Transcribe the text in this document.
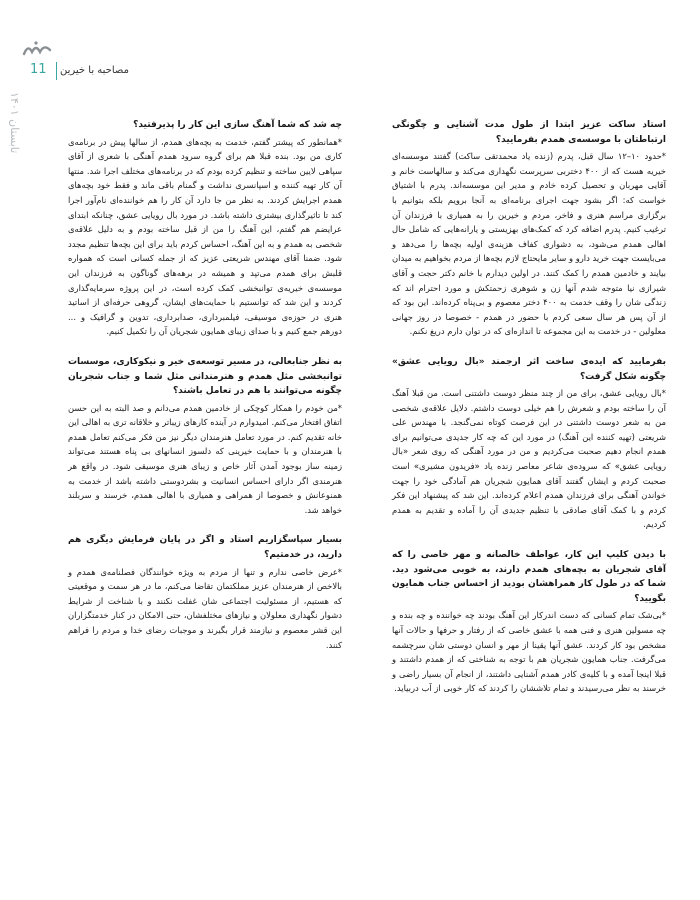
11 مصاحبه با خیرین
تابستان ۱۴۰۱	استاد ساکت عزیز ابتدا از طول مدت آشنایی و چگونگی ارتباطتان با موسسه‌ی همدم بفرمایید؟

*حدود ۱۰–۱۲ سال قبل، پدرم (زنده یاد محمدتقی ساکت) گفتند موسسه‌ای خیریه هست که از ۴۰۰ دختربی سرپرست نگهداری می‌کند و سالهاست خانم و آقایی مهربان و تحصیل کرده خادم و مدیر این موسسه‌اند. پدرم با اشتیاق خواست که: اگر بشود جهت اجرای برنامه‌ای به آنجا برویم بلکه بتوانیم با برگزاری مراسم هنری و فاخر، مردم و خیرین را به همیاری با فرزندان آن ترغیب کنیم. پدرم اضافه کرد که کمک‌های بهزیستی و یارانه‌هایی که شامل حال اهالی همدم می‌شود، به دشواری کفاف هزینه‌ی اولیه بچه‌ها را می‌دهد و می‌بایست جهت خرید دارو و سایر مایحتاج لازم بچه‌ها از مردم بخواهیم به میدان بیایند و خادمین همدم را کمک کنند. در اولین دیدارم با خانم دکتر حجت و آقای شیرازی نیا متوجه شدم آنها زن و شوهری زحمتکش و مورد احترام اند که زندگی شان را وقف خدمت به ۴۰۰ دختر معصوم و بی‌پناه کرده‌اند. این بود که از آن پس هر سال سعی کردم با حضور در همدم - خصوصا در روز جهانی معلولین - در خدمت به این مجموعه تا اندازه‌ای که در توان دارم دریغ نکنم.

بفرمایید که ایده‌ی ساخت اثر ارجمند «بال رویایی عشق» چگونه شکل گرفت؟

*بال رویایی عشق، برای من از چند منظر دوست داشتنی است. من قبلا آهنگ آن را ساخته بودم و شعرش را هم خیلی دوست داشتم. دلایل علاقه‌ی شخصی من به شعر دوست داشتنی در این فرصت کوتاه نمی‌گنجد. با مهندس علی شریعتی (تهیه کننده این آهنگ) در مورد این که چه کار جدیدی می‌توانیم برای همدم انجام دهیم صحبت می‌کردیم و من در مورد آهنگی که روی شعر «بال رویایی عشق» که سروده‌ی شاعر معاصر زنده یاد «فریدون مشیری» است صحبت کردم و ایشان گفتند آقای همایون شجریان هم آمادگی خود را جهت خواندن آهنگی برای فرزندان همدم اعلام کرده‌اند. این شد که پیشنهاد این فکر کردم و با کمک آقای صادقی با تنظیم جدیدی آن را آماده و تقدیم به همدم کردیم.

با دیدن کلیپ این کار، عواطف خالصانه و مهر خاصی را که آقای شجریان به بچه‌های همدم دارند، به خوبی می‌شود دید. شما که در طول کار همراهشان بودید از احساس جناب همایون بگویید؟

*بی‌شک تمام کسانی که دست اندرکار این آهنگ بودند چه خواننده و چه بنده و چه مسولین هنری و فنی همه با عشق خاصی که از رفتار و حرفها و حالات آنها مشخص بود کار کردند. عشق آنها یقینا از مهر و انسان دوستی شان سرچشمه می‌گرفت. جناب همایون شجریان هم با توجه به شناختی که از همدم داشتند و قبلا اینجا آمده و با کلیه‌ی کادر همدم آشنایی داشتند، از انجام آن بسیار راضی و خرسند به نظر می‌رسیدند و تمام تلاششان را کردند که کار خوبی از آب دربیاید.

چه شد که شما آهنگ سازی این کار را پذیرفتید؟

*همانطور که پیشتر گفتم، خدمت به بچه‌های همدم، از سالها پیش در برنامه‌ی کاری من بود. بنده قبلا هم برای گروه سرود همدم آهنگی با شعری از آقای سپاهی لایین ساخته و تنظیم کرده بودم که در برنامه‌های مختلف اجرا شد. منتها آن کار تهیه کننده و اسپانسری نداشت و گمنام باقی ماند و فقط خود بچه‌های همدم اجرایش کردند. به نظر من جا دارد آن کار را هم خواننده‌ای نام‌آور اجرا کند تا تاثیرگذاری بیشتری داشته باشد. در مورد بال رویایی عشق، چنانکه ابتدای عرایضم هم گفتم، این آهنگ را من از قبل ساخته بودم و به دلیل علاقه‌ی شخصی به همدم و به این آهنگ، احساس کردم باید برای این بچه‌ها تنظیم مجدد شود. ضمنا آقای مهندس شریعتی عزیز که از جمله کسانی است که همواره قلبش برای همدم می‌تپد و همیشه در برهه‌های گوناگون به فرزندان این موسسه‌ی خیریه‌ی توانبخشی کمک کرده است، در این پروژه سرمایه‌گذاری کردند و این شد که توانستیم با حمایت‌های ایشان، گروهی حرفه‌ای از اساتید هنری در حوزه‌ی موسیقی، فیلمبرداری، صدابرداری، تدوین و گرافیک و ... دورهم جمع کنیم و با صدای زیبای همایون شجریان آن را تکمیل کنیم.

به نظر جنابعالی، در مسیر توسعه‌ی خیر و نیکوکاری، موسسات توانبخشی مثل همدم و هنرمندانی مثل شما و جناب شجریان چگونه می‌توانند با هم در تعامل باشند؟

*من خودم را همکار کوچکی از خادمین همدم می‌دانم و صد البته به این حسن اتفاق افتخار می‌کنم. امیدوارم در آینده کارهای زیباتر و خلاقانه تری به اهالی این خانه تقدیم کنم. در مورد تعامل هنرمندان دیگر نیز من فکر می‌کنم تعامل همدم با هنرمندان و با حمایت خیرینی که دلسوز انسانهای بی پناه هستند می‌تواند زمینه ساز بوجود آمدن آثار خاص و زیبای هنری موسیقی شود. در واقع هر هنرمندی اگر دارای احساس انسانیت و بشردوستی داشته باشد از خدمت به همنوعانش و خصوصا از همراهی و همیاری با اهالی همدم، خرسند و سربلند خواهد شد.

بسیار سپاسگزاریم استاد و اگر در پایان فرمایش دیگری هم دارید، در خدمتیم؟

*عرض خاصی ندارم و تنها از مردم به ویژه خوانندگان فصلنامه‌ی همدم و بالاخص از هنرمندان عزیز مملکتمان تقاضا می‌کنم، ما در هر سمت و موقعیتی که هستیم، از مسئولیت اجتماعی شان غفلت نکنند و با شناخت از شرایط دشوار نگهداری معلولان و نیازهای مختلفشان، حتی الامکان در کنار خدمتگزاران این قشر معصوم و نیازمند قرار بگیرند و موجبات رضای خدا و مردم را فراهم کنند.
